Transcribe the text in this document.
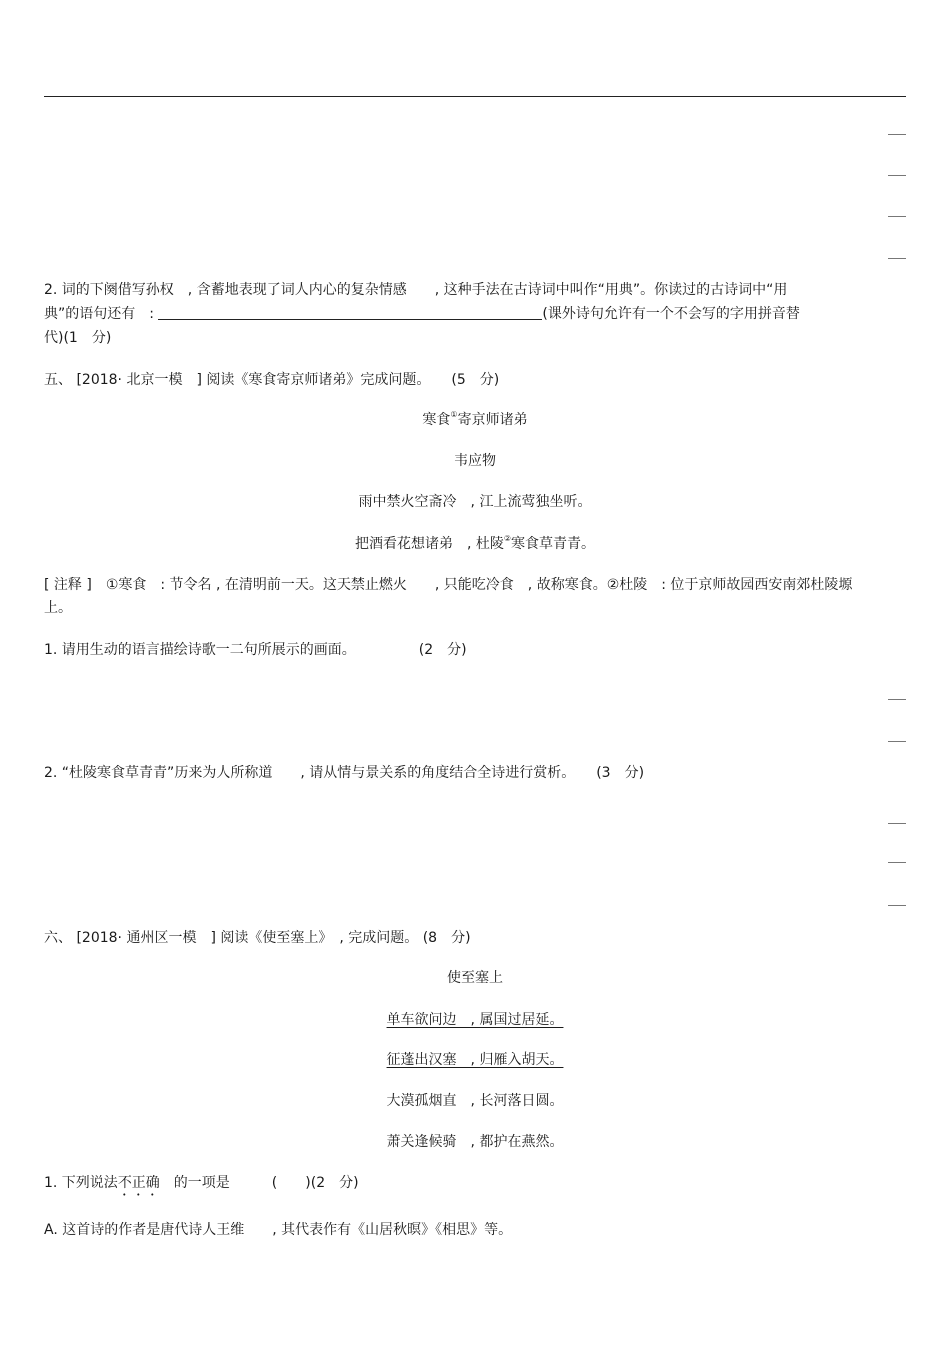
2. 词的下阕借写孙权　, 含蓄地表现了词人内心的复杂情感　　, 这种手法在古诗词中叫作“用典”。你读过的古诗词中“用
典”的语句还有　:	(课外诗句允许有一个不会写的字用拼音替
代)(1　分)
五、 [2018· 北京一模　] 阅读《寒食寄京师诸弟》完成问题。　　(5　分)
寒食①寄京师诸弟
韦应物
雨中禁火空斋冷　, 江上流莺独坐听。
把酒看花想诸弟　, 杜陵②寒食草青青。
[ 注释 ]　①寒食　: 节令名 , 在清明前一天。这天禁止燃火　　, 只能吃冷食　, 故称寒食。②杜陵　: 位于京师故园西安南郊杜陵塬
上。
1. 请用生动的语言描绘诗歌一二句所展示的画面。　　　　　(2　分)
2. “杜陵寒食草青青”历来为人所称道　　, 请从情与景关系的角度结合全诗进行赏析。　　(3　分)
六、 [2018· 通州区一模　] 阅读《使至塞上》　, 完成问题。 (8　分)
使至塞上
单车欲问边　, 属国过居延。
征蓬出汉塞　, 归雁入胡天。
大漠孤烟直　, 长河落日圆。
萧关逢候骑　, 都护在燕然。
1. 下列说法不正确　的一项是　　　(　　)(2　分)
A. 这首诗的作者是唐代诗人王维　　, 其代表作有《山居秋暝》《相思》等。
